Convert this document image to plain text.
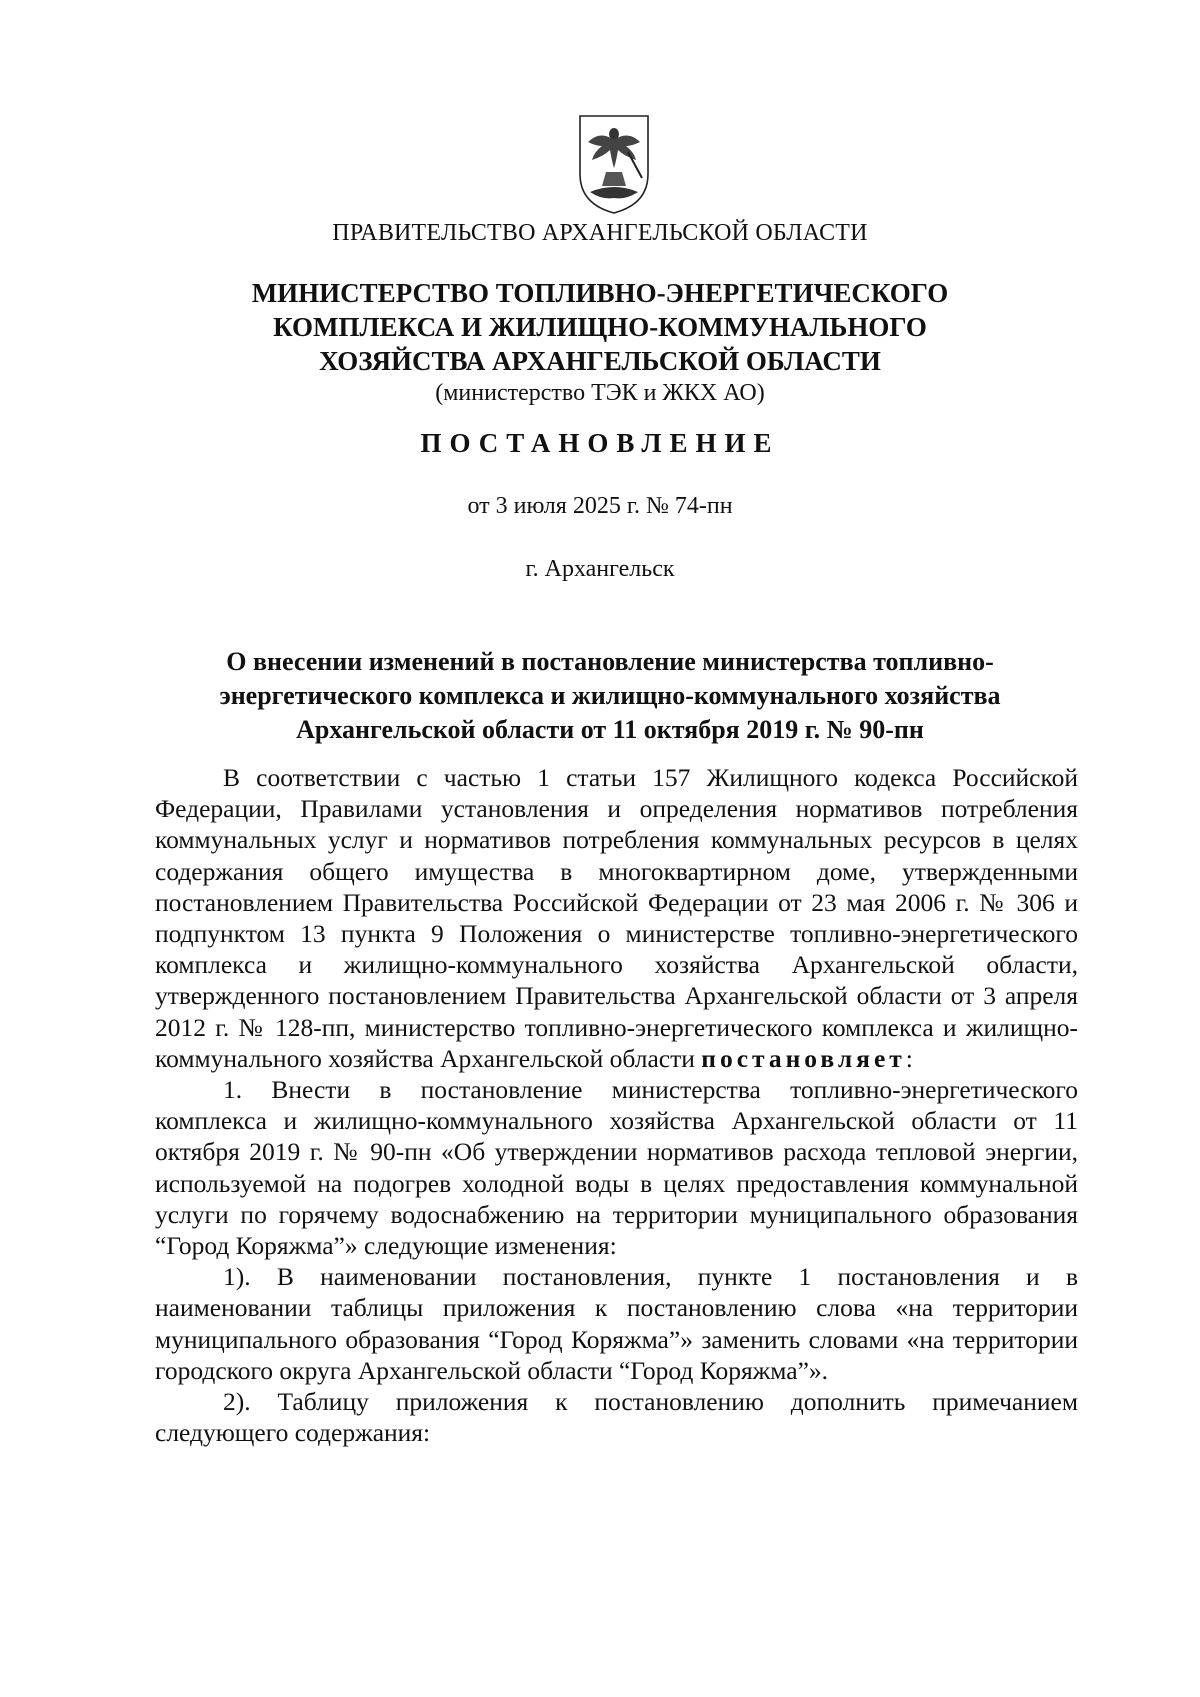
ПРАВИТЕЛЬСТВО АРХАНГЕЛЬСКОЙ ОБЛАСТИ
МИНИСТЕРСТВО ТОПЛИВНО-ЭНЕРГЕТИЧЕСКОГО
КОМПЛЕКСА И ЖИЛИЩНО-КОММУНАЛЬНОГО
ХОЗЯЙСТВА АРХАНГЕЛЬСКОЙ ОБЛАСТИ
(министерство ТЭК и ЖКХ АО)
ПОСТАНОВЛЕНИЕ
от 3 июля 2025 г. № 74-пн
г. Архангельск
О внесении изменений в постановление министерства топливно-
энергетического комплекса и жилищно-коммунального хозяйства
Архангельской области от 11 октября 2019 г. № 90-пн

В соответствии с частью 1 статьи 157 Жилищного кодекса Российской Федерации, Правилами установления и определения нормативов потребления коммунальных услуг и нормативов потребления коммунальных ресурсов в целях содержания общего имущества в многоквартирном доме, утвержденными постановлением Правительства Российской Федерации от 23 мая 2006 г. № 306 и подпунктом 13 пункта 9 Положения о министерстве топливно-энергетического комплекса и жилищно-коммунального хозяйства Архангельской области, утвержденного постановлением Правительства Архангельской области от 3 апреля 2012 г. № 128-пп, министерство топливно-энергетического комплекса и жилищно-коммунального хозяйства Архангельской области постановляет:

1. Внести в постановление министерства топливно-энергетического комплекса и жилищно-коммунального хозяйства Архангельской области от 11 октября 2019 г. № 90-пн «Об утверждении нормативов расхода тепловой энергии, используемой на подогрев холодной воды в целях предоставления коммунальной услуги по горячему водоснабжению на территории муниципального образования “Город Коряжма”» следующие изменения:

1). В наименовании постановления, пункте 1 постановления и в наименовании таблицы приложения к постановлению слова «на территории муниципального образования “Город Коряжма”» заменить словами «на территории городского округа Архангельской области “Город Коряжма”».

2). Таблицу приложения к постановлению дополнить примечанием следующего содержания:
